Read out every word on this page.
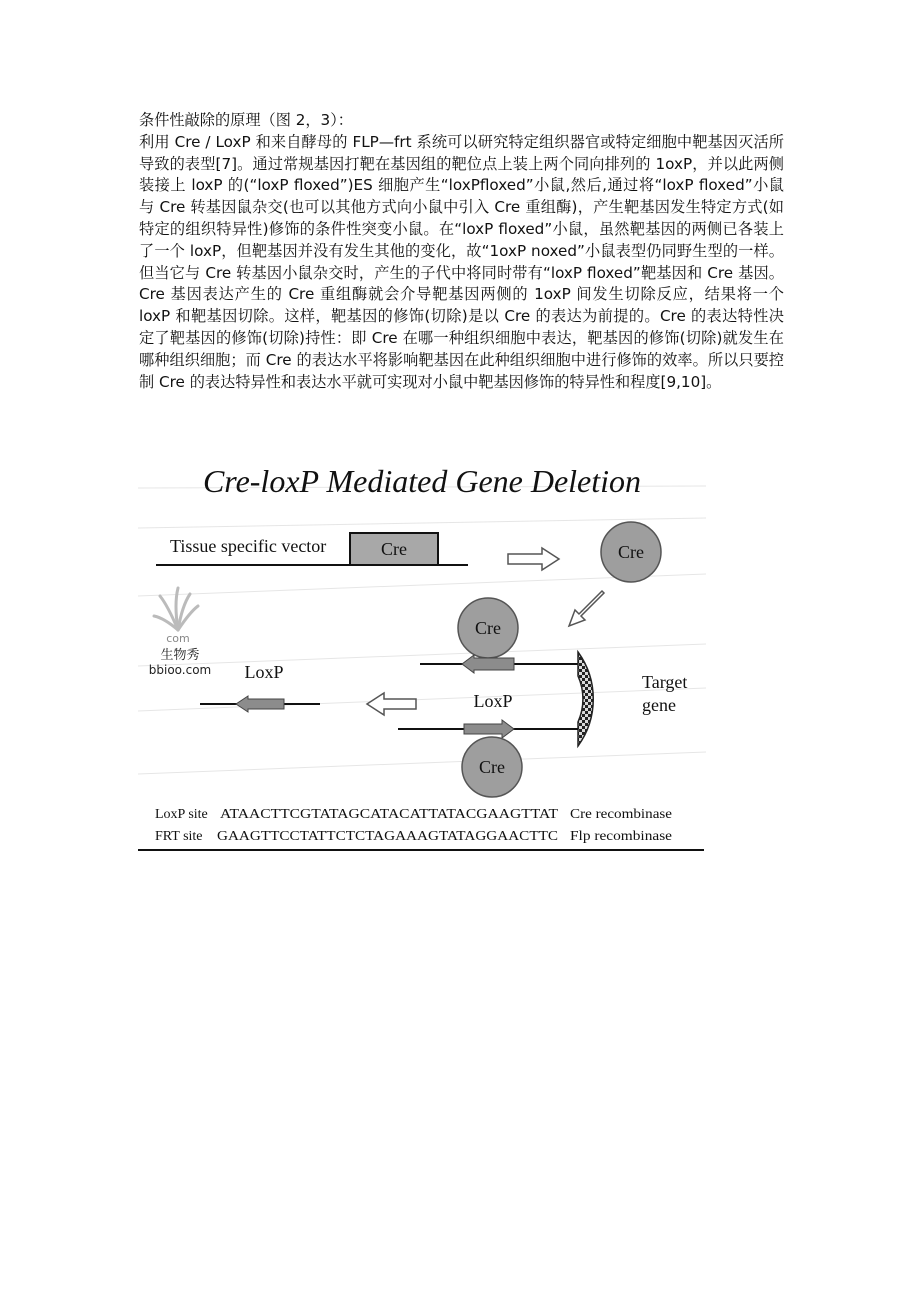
条件性敲除的原理（图 2，3）：

利用 Cre / LoxP 和来自酵母的 FLP—frt 系统可以研究特定组织器官或特定细胞中靶基因灭活所导致的表型[7]。通过常规基因打靶在基因组的靶位点上装上两个同向排列的 1oxP，并以此两侧装接上 loxP 的(“loxP floxed”)ES 细胞产生“loxPfloxed”小鼠,然后,通过将“loxP floxed”小鼠与 Cre 转基因鼠杂交(也可以其他方式向小鼠中引入 Cre 重组酶)，产生靶基因发生特定方式(如特定的组织特异性)修饰的条件性突变小鼠。在“loxP floxed”小鼠，虽然靶基因的两侧已各装上了一个 loxP，但靶基因并没有发生其他的变化，故“1oxP noxed”小鼠表型仍同野生型的一样。但当它与 Cre 转基因小鼠杂交时，产生的子代中将同时带有“loxP floxed”靶基因和 Cre 基因。Cre 基因表达产生的 Cre 重组酶就会介导靶基因两侧的 1oxP 间发生切除反应，结果将一个 loxP 和靶基因切除。这样，靶基因的修饰(切除)是以 Cre 的表达为前提的。Cre 的表达特性决定了靶基因的修饰(切除)持性：即 Cre 在哪一种组织细胞中表达，靶基因的修饰(切除)就发生在哪种组织细胞；而 Cre 的表达水平将影响靶基因在此种组织细胞中进行修饰的效率。所以只要控制 Cre 的表达特异性和表达水平就可实现对小鼠中靶基因修饰的特异性和程度[9,10]。

Cre-loxP Mediated Gene Deletion
Tissue specific vector	Cre	Cre
com
生物秀
bbioo.com
Cre
Target
gene
LoxP
Cre
LoxP
LoxP site ATAACTTCGTATAGCATACATTATACGAAGTTAT Cre recombinase
FRT site GAAGTTCCTATTCTCTAGAAAGTATAGGAACTTC Flp recombinase
